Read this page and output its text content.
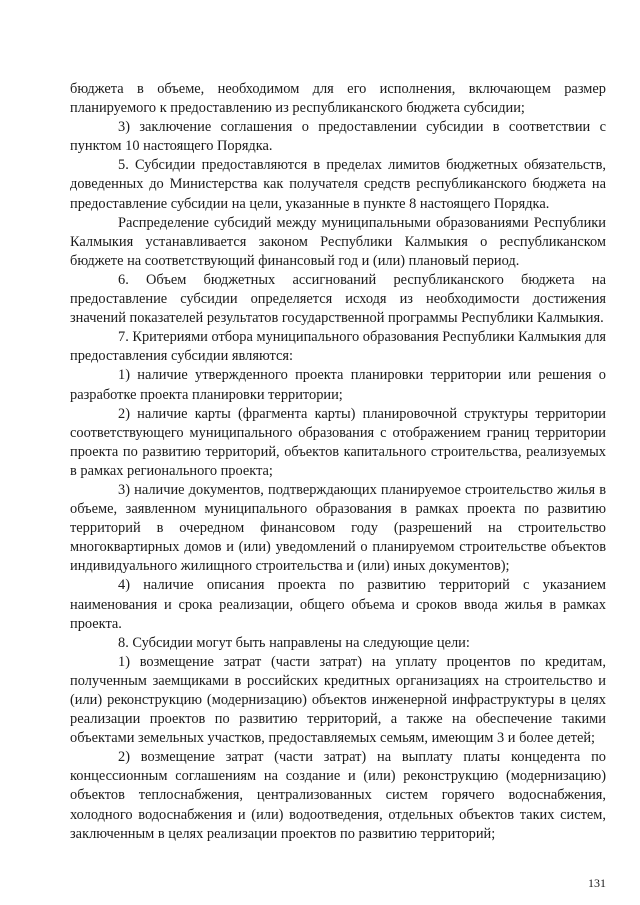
бюджета в объеме, необходимом для его исполнения, включающем размер планируемого к предоставлению из республиканского бюджета субсидии;

3) заключение соглашения о предоставлении субсидии в соответствии с пунктом 10 настоящего Порядка.

5. Субсидии предоставляются в пределах лимитов бюджетных обязательств, доведенных до Министерства как получателя средств республиканского бюджета на предоставление субсидии на цели, указанные в пункте 8 настоящего Порядка.

Распределение субсидий между муниципальными образованиями Республики Калмыкия устанавливается законом Республики Калмыкия о республиканском бюджете на соответствующий финансовый год и (или) плановый период.

6. Объем бюджетных ассигнований республиканского бюджета на предоставление субсидии определяется исходя из необходимости достижения значений показателей результатов государственной программы Республики Калмыкия.

7. Критериями отбора муниципального образования Республики Калмыкия для предоставления субсидии являются:

1) наличие утвержденного проекта планировки территории или решения о разработке проекта планировки территории;

2) наличие карты (фрагмента карты) планировочной структуры территории соответствующего муниципального образования с отображением границ территории проекта по развитию территорий, объектов капитального строительства, реализуемых в рамках регионального проекта;

3) наличие документов, подтверждающих планируемое строительство жилья в объеме, заявленном муниципального образования в рамках проекта по развитию территорий в очередном финансовом году (разрешений на строительство многоквартирных домов и (или) уведомлений о планируемом строительстве объектов индивидуального жилищного строительства и (или) иных документов);

4) наличие описания проекта по развитию территорий с указанием наименования и срока реализации, общего объема и сроков ввода жилья в рамках проекта.

8. Субсидии могут быть направлены на следующие цели:

1) возмещение затрат (части затрат) на уплату процентов по кредитам, полученным заемщиками в российских кредитных организациях на строительство и (или) реконструкцию (модернизацию) объектов инженерной инфраструктуры в целях реализации проектов по развитию территорий, а также на обеспечение такими объектами земельных участков, предоставляемых семьям, имеющим 3 и более детей;

2) возмещение затрат (части затрат) на выплату платы концедента по концессионным соглашениям на создание и (или) реконструкцию (модернизацию) объектов теплоснабжения, централизованных систем горячего водоснабжения, холодного водоснабжения и (или) водоотведения, отдельных объектов таких систем, заключенным в целях реализации проектов по развитию территорий;

131
